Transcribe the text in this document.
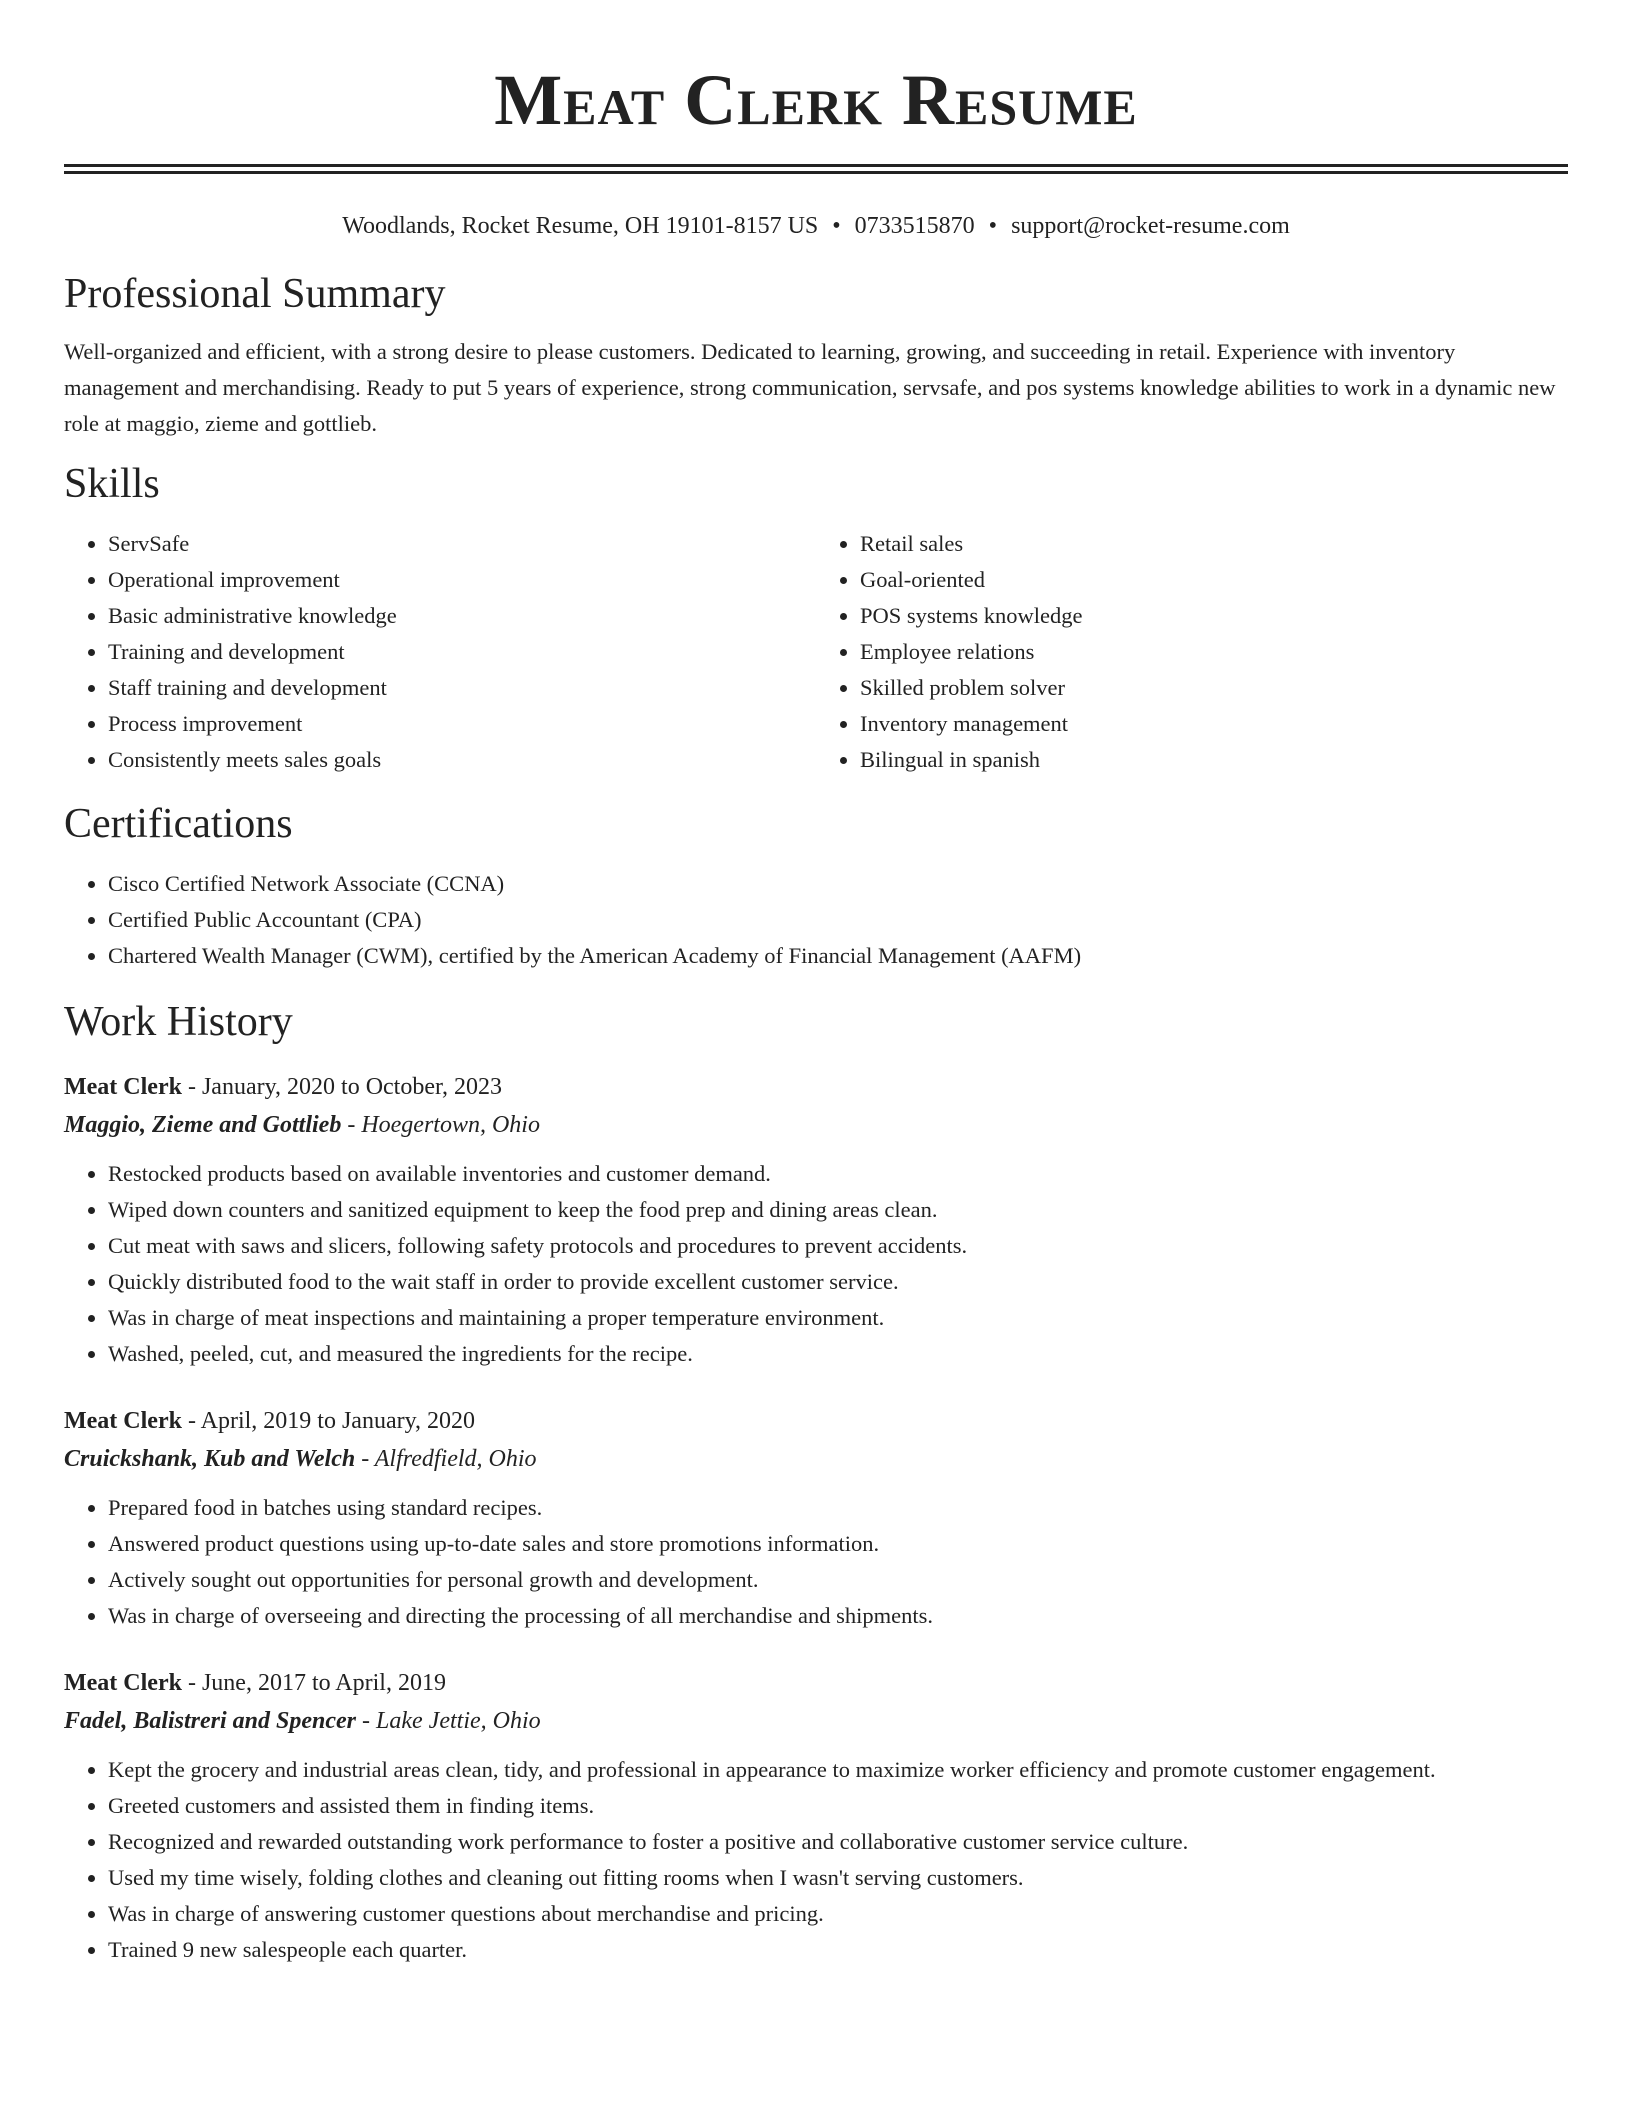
Meat Clerk Resume
Woodlands, Rocket Resume, OH 19101-8157 US • 0733515870 • support@rocket-resume.com
Professional Summary

Well-organized and efficient, with a strong desire to please customers. Dedicated to learning, growing, and succeeding in retail. Experience with inventory management and merchandising. Ready to put 5 years of experience, strong communication, servsafe, and pos systems knowledge abilities to work in a dynamic new role at maggio, zieme and gottlieb.

Skills
• ServSafe
• Operational improvement
• Basic administrative knowledge
• Training and development
• Staff training and development
• Process improvement
• Consistently meets sales goals
• Retail sales
• Goal-oriented
• POS systems knowledge
• Employee relations
• Skilled problem solver
• Inventory management
• Bilingual in spanish
Certifications
• Cisco Certified Network Associate (CCNA)
• Certified Public Accountant (CPA)
• Chartered Wealth Manager (CWM), certified by the American Academy of Financial Management (AAFM)
Work History
Meat Clerk - January, 2020 to October, 2023
Maggio, Zieme and Gottlieb - Hoegertown, Ohio
• Restocked products based on available inventories and customer demand.
• Wiped down counters and sanitized equipment to keep the food prep and dining areas clean.
• Cut meat with saws and slicers, following safety protocols and procedures to prevent accidents.
• Quickly distributed food to the wait staff in order to provide excellent customer service.
• Was in charge of meat inspections and maintaining a proper temperature environment.
• Washed, peeled, cut, and measured the ingredients for the recipe.
Meat Clerk - April, 2019 to January, 2020
Cruickshank, Kub and Welch - Alfredfield, Ohio
• Prepared food in batches using standard recipes.
• Answered product questions using up-to-date sales and store promotions information.
• Actively sought out opportunities for personal growth and development.
• Was in charge of overseeing and directing the processing of all merchandise and shipments.
Meat Clerk - June, 2017 to April, 2019
Fadel, Balistreri and Spencer - Lake Jettie, Ohio
• Kept the grocery and industrial areas clean, tidy, and professional in appearance to maximize worker efficiency and promote customer engagement.
• Greeted customers and assisted them in finding items.
• Recognized and rewarded outstanding work performance to foster a positive and collaborative customer service culture.
• Used my time wisely, folding clothes and cleaning out fitting rooms when I wasn't serving customers.
• Was in charge of answering customer questions about merchandise and pricing.
• Trained 9 new salespeople each quarter.
